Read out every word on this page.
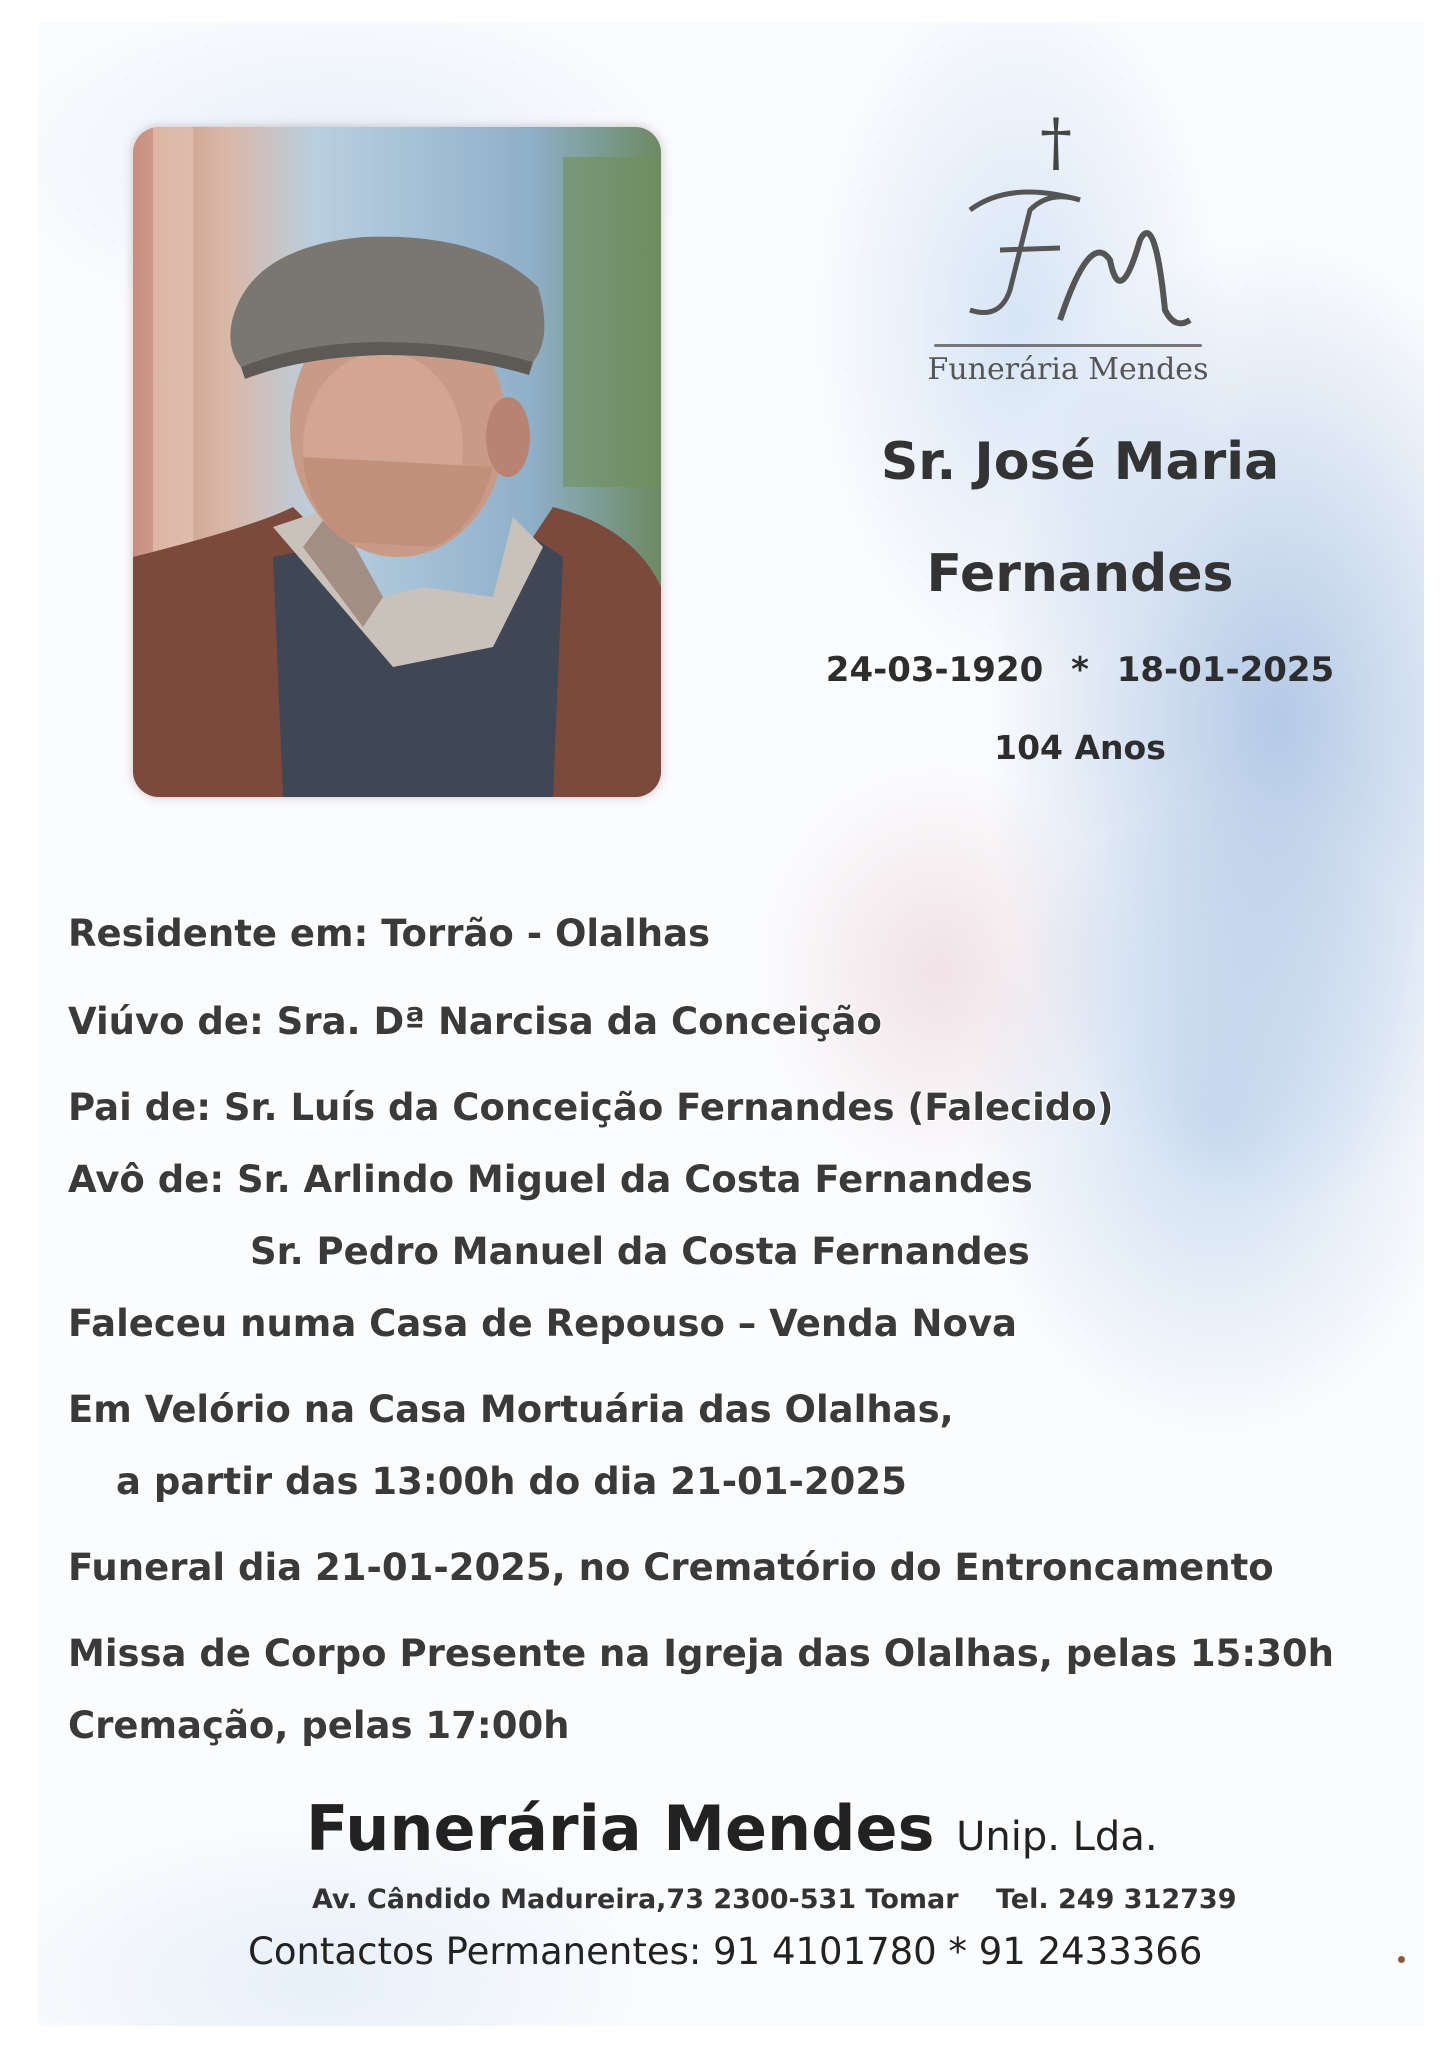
†
Funerária Mendes
Sr. José Maria
Fernandes
24-03-1920 * 18-01-2025
104 Anos
Residente em: Torrão - Olalhas
Viúvo de: Sra. Dª Narcisa da Conceição
Pai de: Sr. Luís da Conceição Fernandes (Falecido)
Avô de: Sr. Arlindo Miguel da Costa Fernandes
Sr. Pedro Manuel da Costa Fernandes
Faleceu numa Casa de Repouso – Venda Nova
Em Velório na Casa Mortuária das Olalhas,
a partir das 13:00h do dia 21-01-2025
Funeral dia 21-01-2025, no Crematório do Entroncamento
Missa de Corpo Presente na Igreja das Olalhas, pelas 15:30h
Cremação, pelas 17:00h
Funerária Mendes Unip. Lda.
Av. Cândido Madureira,73 2300-531 Tomar Tel. 249 312739
Contactos Permanentes: 91 4101780 * 91 2433366
